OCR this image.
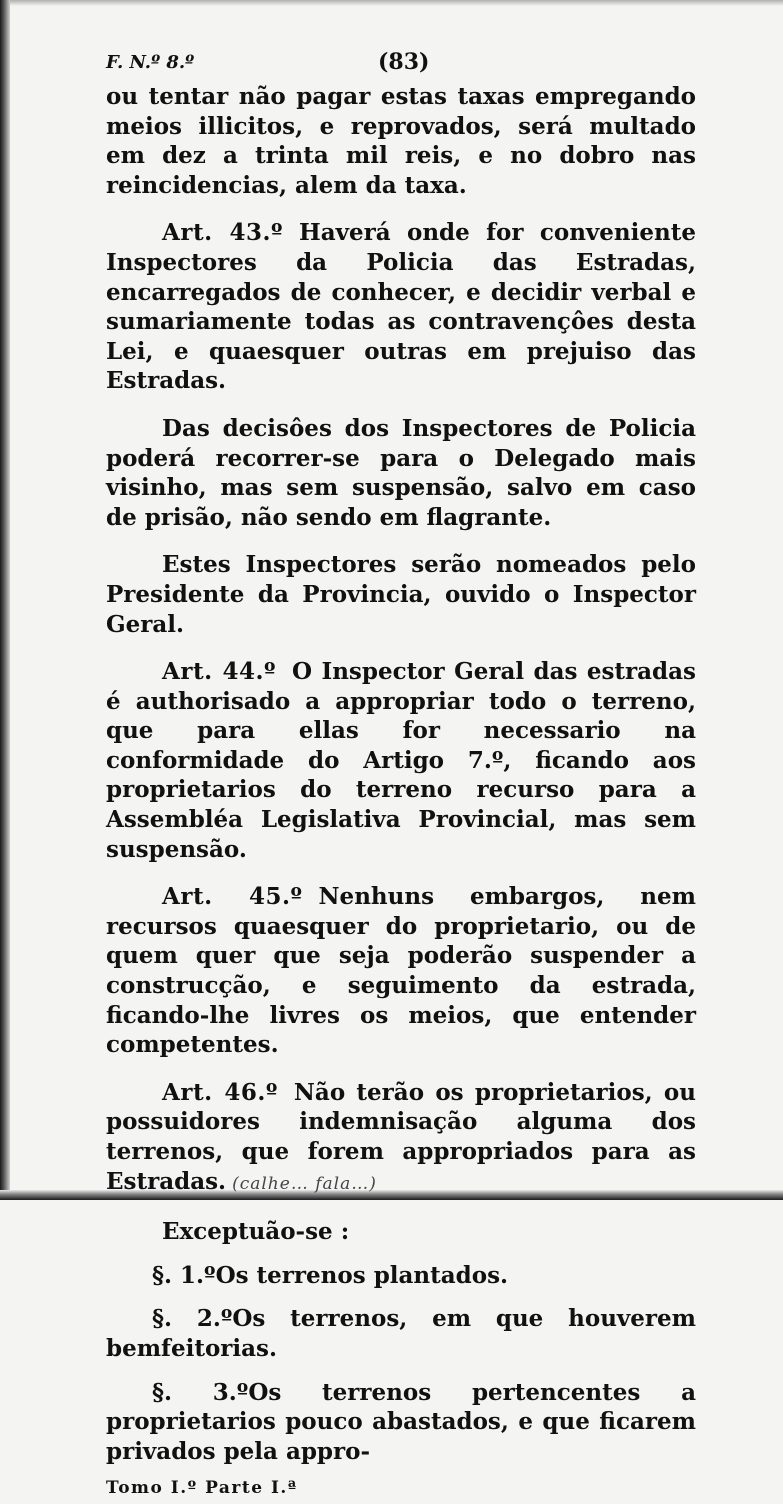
F. N.º 8.º	(83)

ou tentar não pagar estas taxas empregando meios illicitos, e reprovados, será multado em dez a trinta mil reis, e no dobro nas reincidencias, alem da taxa.

Art. 43.º Haverá onde for conveniente Inspectores da Policia das Estradas, encarregados de conhecer, e decidir verbal e sumariamente todas as contravençôes desta Lei, e quaesquer outras em prejuiso das Estradas.

Das decisôes dos Inspectores de Policia poderá recorrer-se para o Delegado mais visinho, mas sem suspensão, salvo em caso de prisão, não sendo em flagrante.

Estes Inspectores serão nomeados pelo Presidente da Provincia, ouvido o Inspector Geral.

Art. 44.º O Inspector Geral das estradas é authorisado a appropriar todo o terreno, que para ellas for necessario na conformidade do Artigo 7.º, ficando aos proprietarios do terreno recurso para a Assembléa Legislativa Provincial, mas sem suspensão.

Art. 45.º Nenhuns embargos, nem recursos quaesquer do proprietario, ou de quem quer que seja poderão suspender a construcção, e seguimento da estrada, ficando-lhe livres os meios, que entender competentes.

Art. 46.º Não terão os proprietarios, ou possuidores indemnisação alguma dos terrenos, que forem appropriados para as Estradas. (calhe… fala…)

Exceptuão-se :

§. 1.ºOs terrenos plantados.

§. 2.ºOs terrenos, em que houverem bemfeitorias.

§. 3.ºOs terrenos pertencentes a proprietarios pouco abastados, e que ficarem privados pela appro-

Tomo I.º Parte I.ª
